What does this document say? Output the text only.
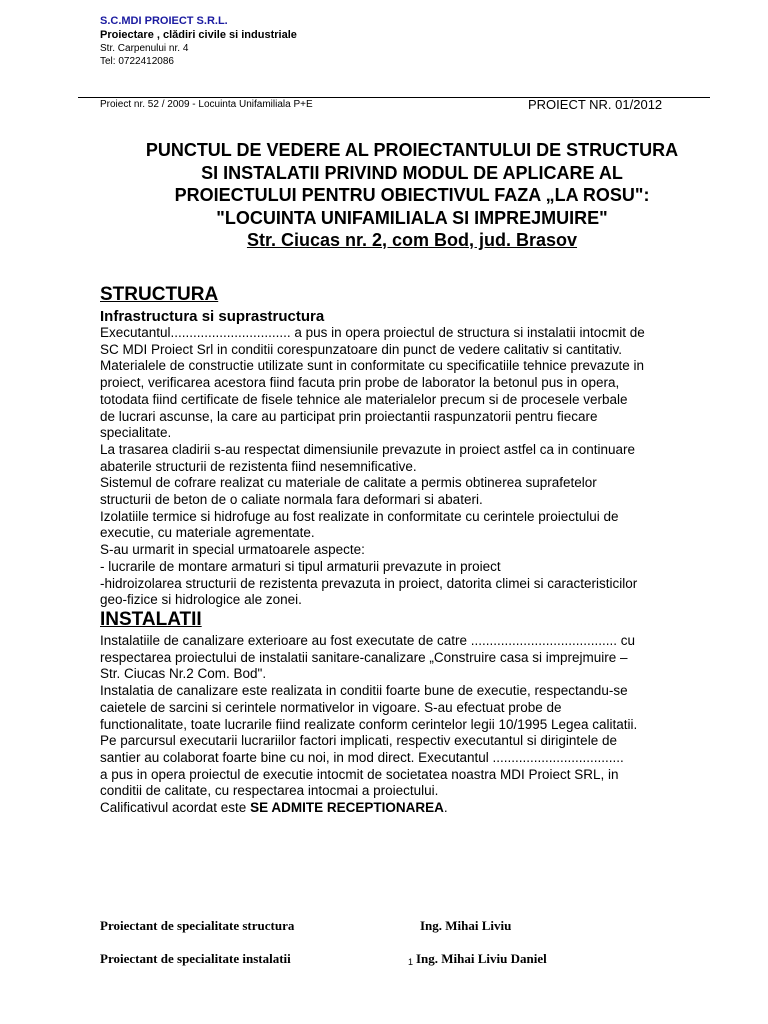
S.C.MDI PROIECT S.R.L.
Proiectare , clădiri civile si industriale
Str. Carpenului nr. 4
Tel: 0722412086
Proiect nr. 52 / 2009 - Locuinta Unifamiliala P+E	PROIECT NR. 01/2012
PUNCTUL DE VEDERE AL PROIECTANTULUI DE STRUCTURA
SI INSTALATII PRIVIND MODUL DE APLICARE AL
PROIECTULUI PENTRU OBIECTIVUL FAZA „LA ROSU":
"LOCUINTA UNIFAMILIALA SI IMPREJMUIRE"
Str. Ciucas nr. 2, com Bod, jud. Brasov
STRUCTURA
Infrastructura si suprastructura
Executantul................................ a pus in opera proiectul de structura si instalatii intocmit de
SC MDI Proiect Srl in conditii corespunzatoare din punct de vedere calitativ si cantitativ.
Materialele de constructie utilizate sunt in conformitate cu specificatiile tehnice prevazute in
proiect, verificarea acestora fiind facuta prin probe de laborator la betonul pus in opera,
totodata fiind certificate de fisele tehnice ale materialelor precum si de procesele verbale
de lucrari ascunse, la care au participat prin proiectantii raspunzatorii pentru fiecare
specialitate.
La trasarea cladirii s-au respectat dimensiunile prevazute in proiect astfel ca in continuare
abaterile structurii de rezistenta fiind nesemnificative.
Sistemul de cofrare realizat cu materiale de calitate a permis obtinerea suprafetelor
structurii de beton de o caliate normala fara deformari si abateri.
Izolatiile termice si hidrofuge au fost realizate in conformitate cu cerintele proiectului de
executie, cu materiale agrementate.
S-au urmarit in special urmatoarele aspecte:
- lucrarile de montare armaturi si tipul armaturii prevazute in proiect
-hidroizolarea structurii de rezistenta prevazuta in proiect, datorita climei si caracteristicilor
geo-fizice si hidrologice ale zonei.
INSTALATII
Instalatiile de canalizare exterioare au fost executate de catre ....................................... cu
respectarea proiectului de instalatii sanitare-canalizare „Construire casa si imprejmuire –
Str. Ciucas Nr.2 Com. Bod".
Instalatia de canalizare este realizata in conditii foarte bune de executie, respectandu-se
caietele de sarcini si cerintele normativelor in vigoare. S-au efectuat probe de
functionalitate, toate lucrarile fiind realizate conform cerintelor legii 10/1995 Legea calitatii.
Pe parcursul executarii lucrariilor factori implicati, respectiv executantul si dirigintele de
santier au colaborat foarte bine cu noi, in mod direct. Executantul ...................................
a pus in opera proiectul de executie intocmit de societatea noastra MDI Proiect SRL, in
conditii de calitate, cu respectarea intocmai a proiectului.
Calificativul acordat este SE ADMITE RECEPTIONAREA.
Proiectant de specialitate structura	Ing. Mihai Liviu
Proiectant de specialitate instalatii	Ing. Mihai Liviu Daniel
1
